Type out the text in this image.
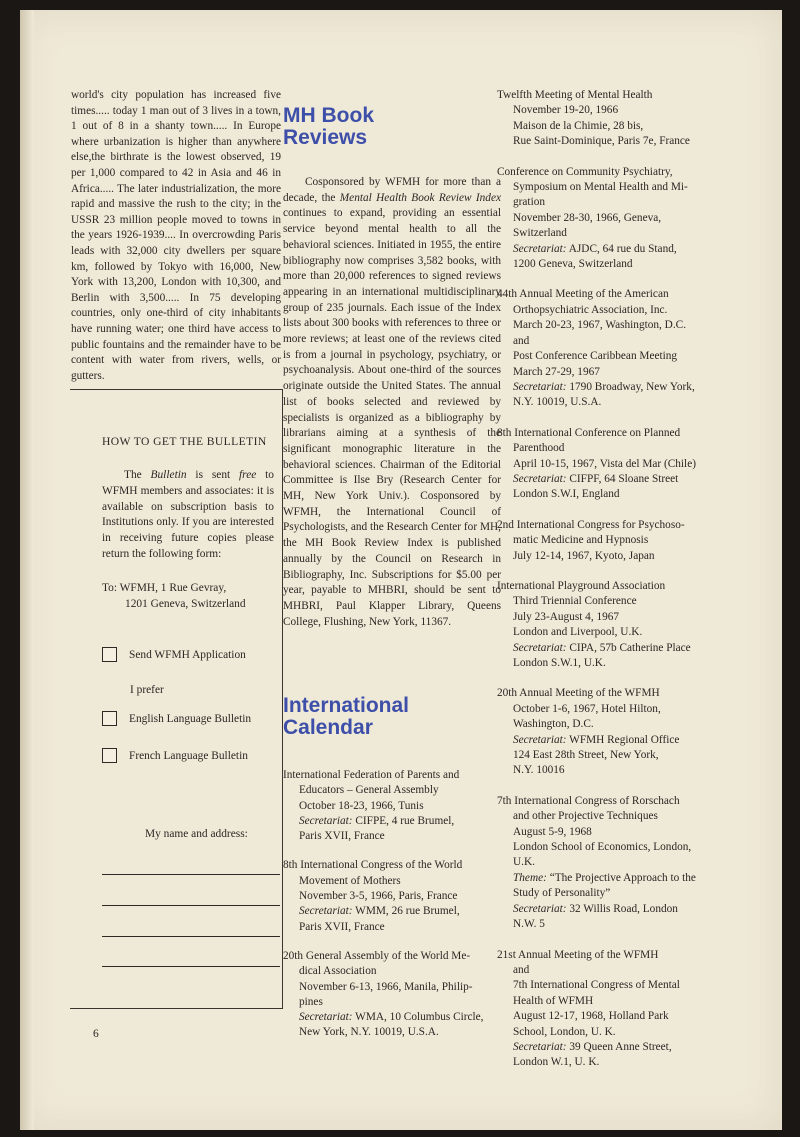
world's city population has increased five times..... today 1 man out of 3 lives in a town, 1 out of 8 in a shanty town..... In Europe where urbanization is higher than anywhere else,the birthrate is the lowest observed, 19 per 1,000 compared to 42 in Asia and 46 in Africa..... The later industrialization, the more rapid and massive the rush to the city; in the USSR 23 million people moved to towns in the years 1926-1939.... In overcrowding Paris leads with 32,000 city dwellers per square km, followed by Tokyo with 16,000, New York with 13,200, London with 10,300, and Berlin with 3,500..... In 75 developing countries, only one-third of city inhabitants have running water; one third have access to public fountains and the remainder have to be content with water from rivers, wells, or gutters.

HOW TO GET THE BULLETIN

The Bulletin is sent free to WFMH members and associates: it is available on subscription basis to Institutions only. If you are interested in receiving future copies please return the following form:

To: WFMH, 1 Rue Gevray,
1201 Geneva, Switzerland
Send WFMH Application
I prefer
English Language Bulletin
French Language Bulletin
My name and address:
MH Book
Reviews

Cosponsored by WFMH for more than a decade, the Mental Health Book Review Index continues to expand, providing an essential service beyond mental health to all the behavioral sciences. Initiated in 1955, the entire bibliography now comprises 3,582 books, with more than 20,000 references to signed reviews appearing in an international multidisciplinary group of 235 journals. Each issue of the Index lists about 300 books with references to three or more reviews; at least one of the reviews cited is from a journal in psychology, psychiatry, or psychoanalysis. About one-third of the sources originate outside the United States. The annual list of books selected and reviewed by specialists is organized as a bibliography by librarians aiming at a synthesis of the significant monographic literature in the behavioral sciences. Chairman of the Editorial Committee is Ilse Bry (Research Center for MH, New York Univ.). Cosponsored by WFMH, the International Council of Psychologists, and the Research Center for MH, the MH Book Review Index is published annually by the Council on Research in Bibliography, Inc. Subscriptions for $5.00 per year, payable to MHBRI, should be sent to MHBRI, Paul Klapper Library, Queens College, Flushing, New York, 11367.

International
Calendar
International Federation of Parents and
Educators – General Assembly
October 18-23, 1966, Tunis
Secretariat: CIFPE, 4 rue Brumel,
Paris XVII, France
8th International Congress of the World
Movement of Mothers
November 3-5, 1966, Paris, France
Secretariat: WMM, 26 rue Brumel,
Paris XVII, France
20th General Assembly of the World Me-
dical Association
November 6-13, 1966, Manila, Philip-
pines
Secretariat: WMA, 10 Columbus Circle,
New York, N.Y. 10019, U.S.A.
Twelfth Meeting of Mental Health
November 19-20, 1966
Maison de la Chimie, 28 bis,
Rue Saint-Dominique, Paris 7e, France
Conference on Community Psychiatry,
Symposium on Mental Health and Mi-
gration
November 28-30, 1966, Geneva,
Switzerland
Secretariat: AJDC, 64 rue du Stand,
1200 Geneva, Switzerland
44th Annual Meeting of the American
Orthopsychiatric Association, Inc.
March 20-23, 1967, Washington, D.C.
and
Post Conference Caribbean Meeting
March 27-29, 1967
Secretariat: 1790 Broadway, New York,
N.Y. 10019, U.S.A.
8th International Conference on Planned
Parenthood
April 10-15, 1967, Vista del Mar (Chile)
Secretariat: CIFPF, 64 Sloane Street
London S.W.I, England
2nd International Congress for Psychoso-
matic Medicine and Hypnosis
July 12-14, 1967, Kyoto, Japan
International Playground Association
Third Triennial Conference
July 23-August 4, 1967
London and Liverpool, U.K.
Secretariat: CIPA, 57b Catherine Place
London S.W.1, U.K.
20th Annual Meeting of the WFMH
October 1-6, 1967, Hotel Hilton,
Washington, D.C.
Secretariat: WFMH Regional Office
124 East 28th Street, New York,
N.Y. 10016
7th International Congress of Rorschach
and other Projective Techniques
August 5-9, 1968
London School of Economics, London,
U.K.
Theme: “The Projective Approach to the
Study of Personality”
Secretariat: 32 Willis Road, London
N.W. 5
21st Annual Meeting of the WFMH
and
7th International Congress of Mental
Health of WFMH
August 12-17, 1968, Holland Park
School, London, U. K.
Secretariat: 39 Queen Anne Street,
London W.1, U. K.
6
